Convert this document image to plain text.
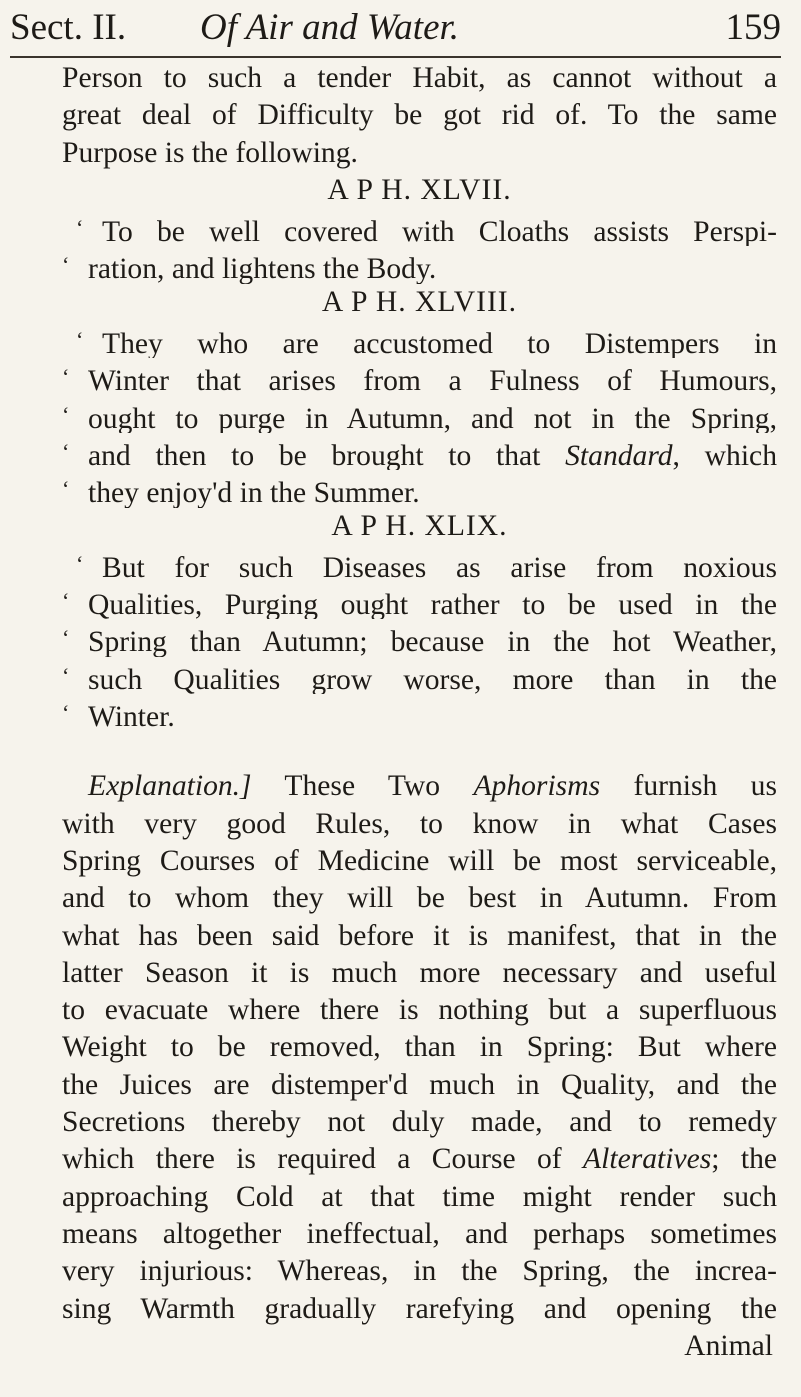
Sect. II. Of Air and Water.	159
Person to such a tender Habit, as cannot without a
great deal of Difficulty be got rid of. To the same
Purpose is the following.
A P H. XLVII.
‘ To be well covered with Cloaths assists Perspi-
‘ ration, and lightens the Body.
A P H. XLVIII.
‘ They who are accustomed to Distempers in
‘ Winter that arises from a Fulness of Humours,
‘ ought to purge in Autumn, and not in the Spring,
‘ and then to be brought to that Standard, which
‘ they enjoy'd in the Summer.
A P H. XLIX.
‘ But for such Diseases as arise from noxious
‘ Qualities, Purging ought rather to be used in the
‘ Spring than Autumn; because in the hot Weather,
‘ such Qualities grow worse, more than in the
‘ Winter.
Explanation.] These Two Aphorisms furnish us
with very good Rules, to know in what Cases
Spring Courses of Medicine will be most serviceable,
and to whom they will be best in Autumn. From
what has been said before it is manifest, that in the
latter Season it is much more necessary and useful
to evacuate where there is nothing but a superfluous
Weight to be removed, than in Spring: But where
the Juices are distemper'd much in Quality, and the
Secretions thereby not duly made, and to remedy
which there is required a Course of Alteratives; the
approaching Cold at that time might render such
means altogether ineffectual, and perhaps sometimes
very injurious: Whereas, in the Spring, the increa-
sing Warmth gradually rarefying and opening the
Animal
